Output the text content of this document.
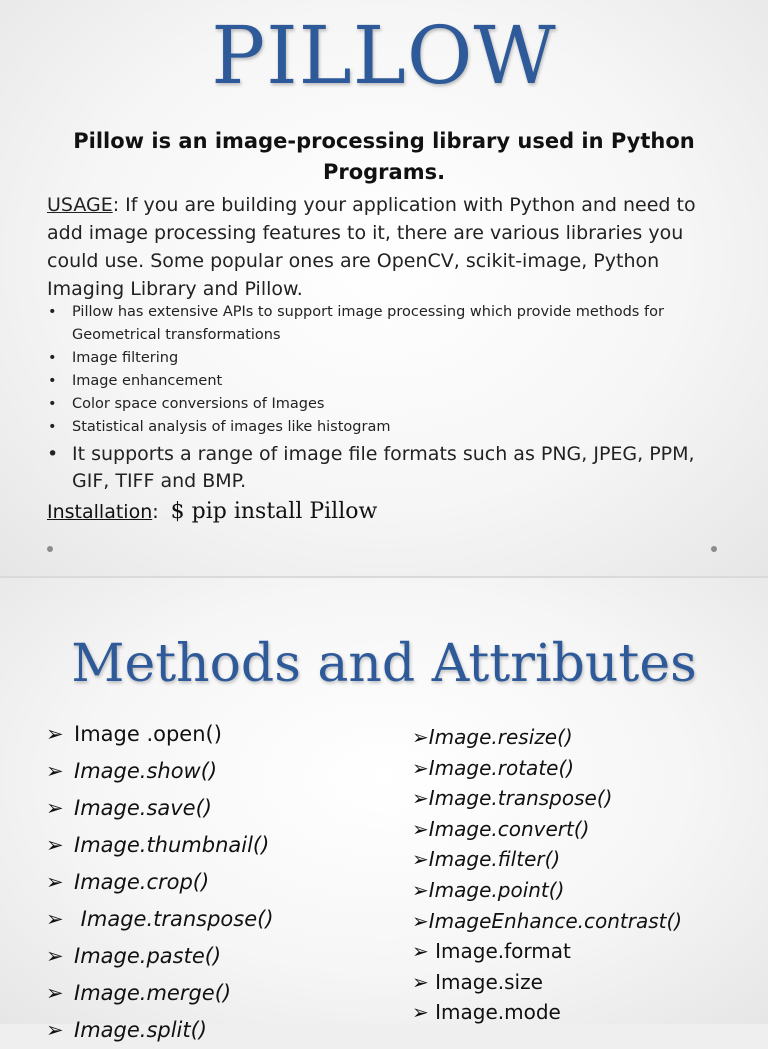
PILLOW
Pillow is an image-processing library used in Python Programs.
USAGE: If you are building your application with Python and need to add image processing features to it, there are various libraries you could use. Some popular ones are OpenCV, scikit-image, Python Imaging Library and Pillow.
• Pillow has extensive APIs to support image processing which provide methods for Geometrical transformations
• Image filtering
• Image enhancement
• Color space conversions of Images
• Statistical analysis of images like histogram
• It supports a range of image file formats such as PNG, JPEG, PPM, GIF, TIFF and BMP.
Installation: $ pip install Pillow
Methods and Attributes
➢ Image .open()
➢ Image.show()
➢ Image.save()
➢ Image.thumbnail()
➢ Image.crop()
➢ Image.transpose()
➢ Image.paste()
➢ Image.merge()
➢ Image.split()
➢Image.resize()
➢Image.rotate()
➢Image.transpose()
➢Image.convert()
➢Image.filter()
➢Image.point()
➢ImageEnhance.contrast()
➢ Image.format
➢ Image.size
➢ Image.mode
